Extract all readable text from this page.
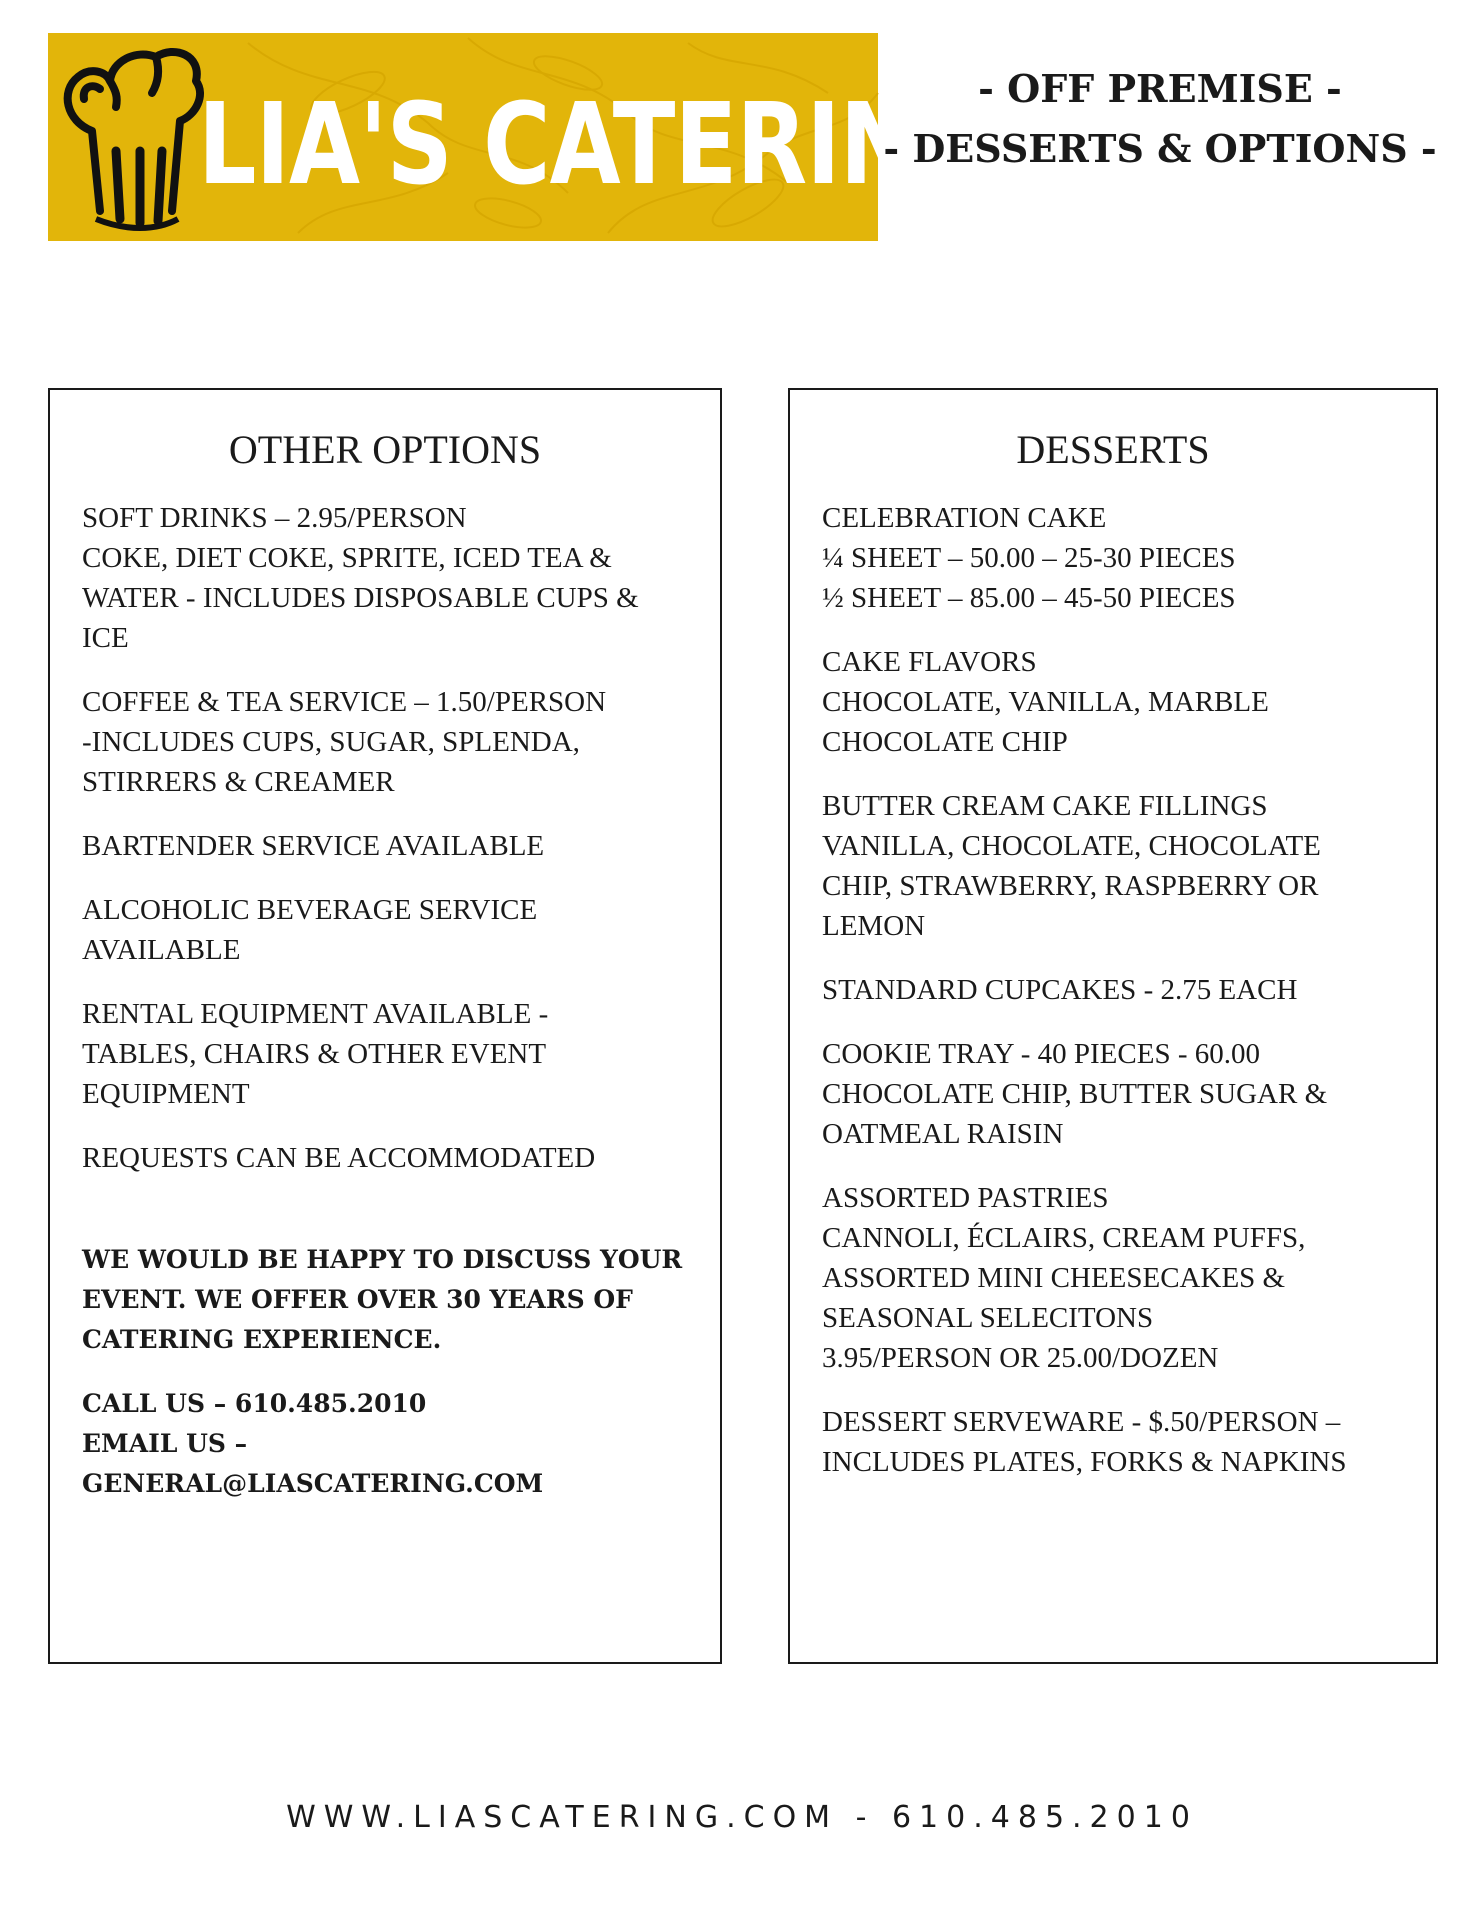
LIA'S CATERING
- OFF PREMISE -
- DESSERTS & OPTIONS -
OTHER OPTIONS
SOFT DRINKS – 2.95/PERSON
COKE, DIET COKE, SPRITE, ICED TEA &
WATER - INCLUDES DISPOSABLE CUPS &
ICE
COFFEE & TEA SERVICE – 1.50/PERSON
-INCLUDES CUPS, SUGAR, SPLENDA,
STIRRERS & CREAMER
BARTENDER SERVICE AVAILABLE
ALCOHOLIC BEVERAGE SERVICE
AVAILABLE
RENTAL EQUIPMENT AVAILABLE -
TABLES, CHAIRS & OTHER EVENT
EQUIPMENT
REQUESTS CAN BE ACCOMMODATED
WE WOULD BE HAPPY TO DISCUSS YOUR
EVENT. WE OFFER OVER 30 YEARS OF
CATERING EXPERIENCE.
CALL US – 610.485.2010
EMAIL US –
GENERAL@LIASCATERING.COM
DESSERTS
CELEBRATION CAKE
¼ SHEET – 50.00 – 25-30 PIECES
½ SHEET – 85.00 – 45-50 PIECES
CAKE FLAVORS
CHOCOLATE, VANILLA, MARBLE
CHOCOLATE CHIP
BUTTER CREAM CAKE FILLINGS
VANILLA, CHOCOLATE, CHOCOLATE
CHIP, STRAWBERRY, RASPBERRY OR
LEMON
STANDARD CUPCAKES - 2.75 EACH
COOKIE TRAY - 40 PIECES - 60.00
CHOCOLATE CHIP, BUTTER SUGAR &
OATMEAL RAISIN
ASSORTED PASTRIES
CANNOLI, ÉCLAIRS, CREAM PUFFS,
ASSORTED MINI CHEESECAKES &
SEASONAL SELECITONS
3.95/PERSON OR 25.00/DOZEN
DESSERT SERVEWARE - $.50/PERSON –
INCLUDES PLATES, FORKS & NAPKINS
WWW.LIASCATERING.COM - 610.485.2010
